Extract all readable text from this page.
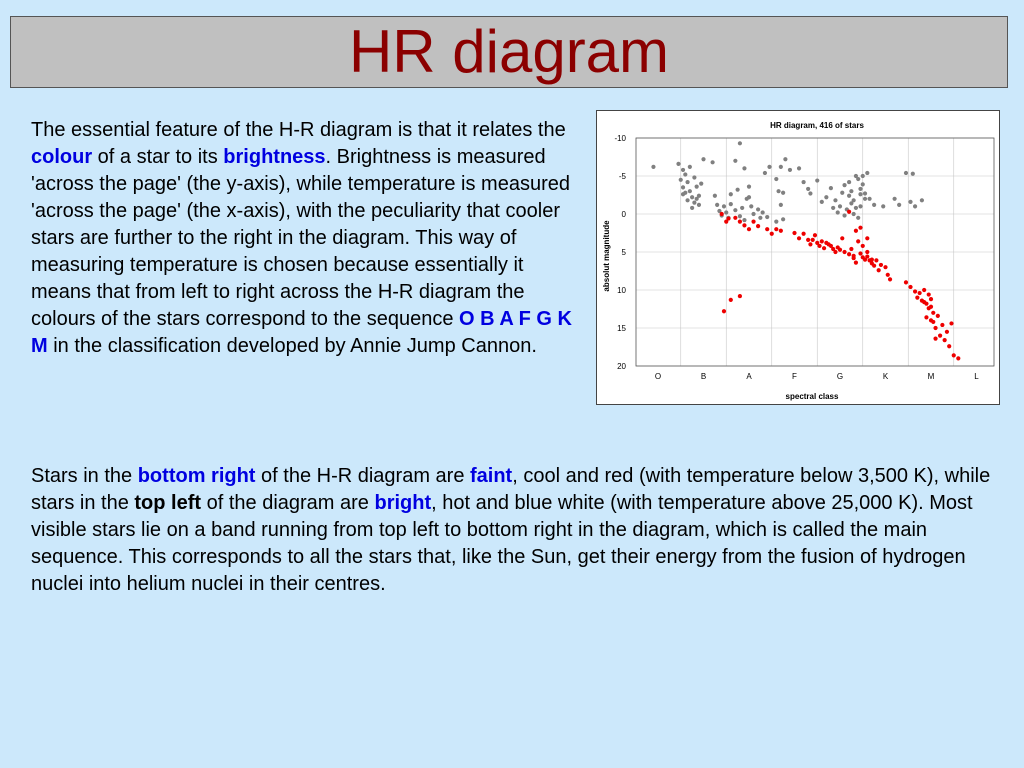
HR diagram
The essential feature of the H-R diagram is that it relates the colour of a star to its brightness. Brightness is measured 'across the page' (the y-axis), while temperature is measured 'across the page' (the x-axis), with the peculiarity that cooler stars are further to the right in the diagram. This way of measuring temperature is chosen because essentially it means that from left to right across the H-R diagram the colours of the stars correspond to the sequence O B A F G K M in the classification developed by Annie Jump Cannon.
Stars in the bottom right of the H-R diagram are faint, cool and red (with temperature below 3,500 K), while stars in the top left of the diagram are bright, hot and blue white (with temperature above 25,000 K). Most visible stars lie on a band running from top left to bottom right in the diagram, which is called the main sequence. This corresponds to all the stars that, like the Sun, get their energy from the fusion of hydrogen nuclei into helium nuclei in their centres.
HR diagram, 416 of stars
-10
-5
0
5
10
15
20
O	B	A	F	G	K	M	L
spectral class
absolut magnitude
